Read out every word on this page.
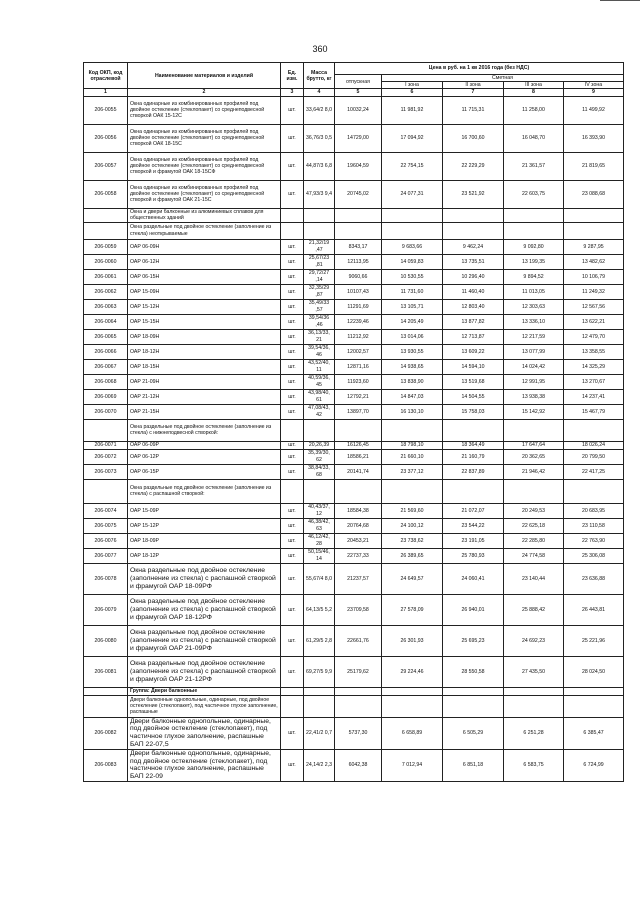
360
Код ОКП, код отраслевой	Наименование материалов и изделий	Ед. изм.	Масса брутто, кг	Цена в руб. на 1 кв 2016 года (без НДС)				
				отпускная	Сметная			
					I зона	II зона	III зона	IV зона
1	2	3	4	5	6	7	8	9
206-0055	Окна одинарные из комбинированных профилей под двойное остекление (стеклопакет) со среднеподвесной створкой ОАК 15-12С	шт.	33,64/2 8,0	10032,24	11 981,92	11 715,31	11 258,00	11 499,92
206-0056	Окна одинарные из комбинированных профилей под двойное остекление (стеклопакет) со среднеподвесной створкой ОАК 18-15С	шт.	36,76/3 0,5	14729,00	17 094,92	16 700,60	16 048,70	16 393,90
206-0057	Окна одинарные из комбинированных профилей под двойное остекление (стеклопакет) со среднеподвесной створкой и фрамугой ОАК 18-15СФ	шт.	44,87/3 6,8	19604,59	22 754,15	22 229,29	21 361,57	21 819,65
206-0058	Окна одинарные из комбинированных профилей под двойное остекление (стеклопакет) со среднеподвесной створкой и фрамугой ОАК 21-15С	шт.	47,93/3 9,4	20745,02	24 077,31	23 521,92	22 603,75	23 088,68
	Окна и двери балконные из алюминиевых сплавов для общественных зданий							
	Окна раздельные под двойное остекление (заполнение из стекла) неоткрываемые							
206-0059	ОАР 06-09Н	шт.	21,32/19 ,47	8343,17	9 683,66	9 462,24	9 092,80	9 287,95
206-0060	ОАР 06-12Н	шт.	25,67/23 ,81	12113,95	14 059,83	13 735,51	13 199,35	13 482,62
206-0061	ОАР 06-15Н	шт.	29,72/27 ,14	9060,66	10 530,55	10 296,40	9 894,52	10 106,79
206-0062	ОАР 15-09Н	шт.	32,35/29 ,87	10107,43	11 731,60	11 460,40	11 013,05	11 249,32
206-0063	ОАР 15-12Н	шт.	35,49/33 ,57	11291,69	13 105,71	12 803,40	12 303,63	12 567,56
206-0064	ОАР 15-15Н	шт.	39,54/36 ,46	12239,46	14 205,49	13 877,82	13 336,10	13 622,21
206-0065	ОАР 18-09Н	шт.	36,13/33, 21	11212,92	13 014,06	12 713,87	12 217,59	12 479,70
206-0066	ОАР 18-12Н	шт.	39,54/36, 46	12002,57	13 930,55	13 609,22	13 077,99	13 358,55
206-0067	ОАР 18-15Н	шт.	43,52/40, 11	12871,16	14 938,65	14 594,10	14 024,42	14 325,29
206-0068	ОАР 21-09Н	шт.	40,59/36, 45	11923,60	13 838,90	13 519,68	12 991,95	13 270,67
206-0069	ОАР 21-12Н	шт.	43,98/40, 61	12792,21	14 847,03	14 504,55	13 938,38	14 237,41
206-0070	ОАР 21-15Н	шт.	47,08/43, 42	13897,70	16 130,10	15 758,03	15 142,92	15 467,79
	Окна раздельные под двойное остекление (заполнение из стекла) с нижнеподвесной створкой:							
206-0071	ОАР 06-09Р	шт.	20,26,39	16126,45	18 798,10	18 364,49	17 647,64	18 026,24
206-0072	ОАР 06-12Р	шт.	35,39/30, 62	18586,21	21 660,10	21 160,79	20 362,65	20 799,50
206-0073	ОАР 06-15Р	шт.	38,84/33, 68	20141,74	23 377,12	22 837,89	21 946,42	22 417,25
	Окна раздельные под двойное остекление (заполнение из стекла) с распашной створкой:							
206-0074	ОАР 15-09Р	шт.	40,43/37, 12	18584,38	21 569,60	21 072,07	20 249,53	20 683,95
206-0075	ОАР 15-12Р	шт.	46,38/42, 63	20764,68	24 100,12	23 544,22	22 625,18	23 110,58
206-0076	ОАР 18-09Р	шт.	46,12/42, 28	20453,21	23 738,62	23 191,05	22 285,80	22 763,90
206-0077	ОАР 18-12Р	шт.	50,15/46, 14	22737,33	26 389,65	25 780,93	24 774,58	25 306,08
206-0078	Окна раздельные под двойное остекление (заполнение из стекла) с распашной створкой и фрамугой ОАР 18-09РФ	шт.	55,67/4 8,0	21237,57	24 649,57	24 060,41	23 140,44	23 636,88
206-0079	Окна раздельные под двойное остекление (заполнение из стекла) с распашной створкой и фрамугой ОАР 18-12РФ	шт.	64,13/5 5,2	23709,58	27 578,09	26 940,01	25 888,42	26 443,81
206-0080	Окна раздельные под двойное остекление (заполнение из стекла) с распашной створкой и фрамугой ОАР 21-09РФ	шт.	61,29/5 2,8	22661,76	26 301,93	25 695,23	24 692,23	25 221,96
206-0081	Окна раздельные под двойное остекление (заполнение из стекла) с распашной створкой и фрамугой ОАР 21-12РФ	шт.	69,27/5 9,9	25179,62	29 224,46	28 550,58	27 435,50	28 024,50
	Группа: Двери балконные							
	Двери балконные однопольные, одинарные, под двойное остекление (стеклопакет), под частичное глухое заполнение, распашные							
206-0082	Двери балконные однопольные, одинарные, под двойное остекление (стеклопакет), под частичное глухое заполнение, распашные БАП 22-07,5	шт.	22,41/2 0,7	5737,30	6 658,89	6 505,29	6 251,28	6 385,47
206-0083	Двери балконные однопольные, одинарные, под двойное остекление (стеклопакет), под частичное глухое заполнение, распашные БАП 22-09	шт.	24,14/2 2,3	6042,38	7 012,94	6 851,18	6 583,75	6 724,99
